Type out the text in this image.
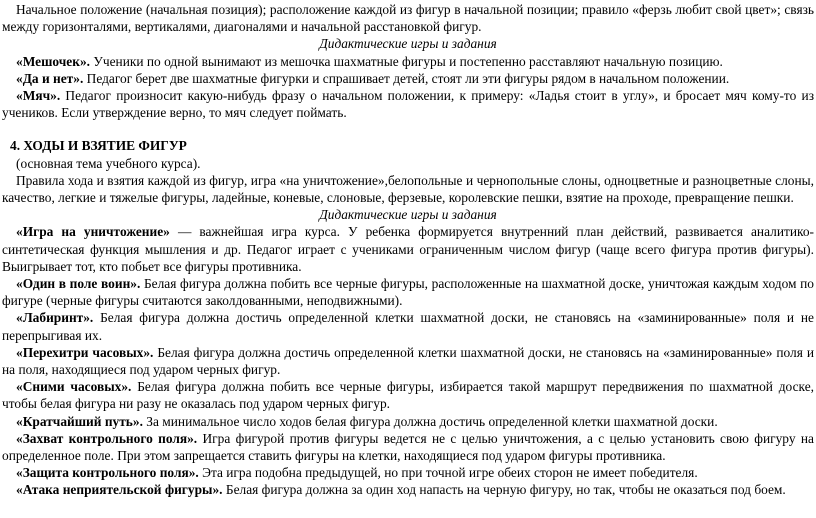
Начальное положение (начальная позиция); расположение каждой из фигур в начальной позиции; правило «ферзь любит свой цвет»; связь между горизонталями, вертикалями, диагоналями и начальной расстановкой фигур.

Дидактические игры и задания

«Мешочек». Ученики по одной вынимают из мешочка шахматные фигуры и постепенно расставляют начальную позицию.

«Да и нет». Педагог берет две шахматные фигурки и спрашивает детей, стоят ли эти фигуры рядом в начальном положении.

«Мяч». Педагог произносит какую-нибудь фразу о начальном положении, к примеру: «Ладья стоит в углу», и бросает мяч кому-то из учеников. Если утверждение верно, то мяч следует поймать.

4. ХОДЫ И ВЗЯТИЕ ФИГУР

(основная тема учебного курса).

Правила хода и взятия каждой из фигур, игра «на уничтожение»,белопольные и чернопольные слоны, одноцветные и разноцветные слоны, качество, легкие и тяжелые фигуры, ладейные, коневые, слоновые, ферзевые, королевские пешки, взятие на проходе, превращение пешки.

Дидактические игры и задания

«Игра на уничтожение» — важнейшая игра курса. У ребенка формируется внутренний план действий, развивается аналитико-синтетическая функция мышления и др. Педагог играет с учениками ограниченным числом фигур (чаще всего фигура против фигуры). Выигрывает тот, кто побьет все фигуры противника.

«Один в поле воин». Белая фигура должна побить все черные фигуры, расположенные на шахматной доске, уничтожая каждым ходом по фигуре (черные фигуры считаются заколдованными, неподвижными).

«Лабиринт». Белая фигура должна достичь определенной клетки шахматной доски, не становясь на «заминированные» поля и не перепрыгивая их.

«Перехитри часовых». Белая фигура должна достичь определенной клетки шахматной доски, не становясь на «заминированные» поля и на поля, находящиеся под ударом черных фигур.

«Сними часовых». Белая фигура должна побить все черные фигуры, избирается такой маршрут передвижения по шахматной доске, чтобы белая фигура ни разу не оказалась под ударом черных фигур.

«Кратчайший путь». За минимальное число ходов белая фигура должна достичь определенной клетки шахматной доски.

«Захват контрольного поля». Игра фигурой против фигуры ведется не с целью уничтожения, а с целью установить свою фигуру на определенное поле. При этом запрещается ставить фигуры на клетки, находящиеся под ударом фигуры противника.

«Защита контрольного поля». Эта игра подобна предыдущей, но при точной игре обеих сторон не имеет победителя.

«Атака неприятельской фигуры». Белая фигура должна за один ход напасть на черную фигуру, но так, чтобы не оказаться под боем.
